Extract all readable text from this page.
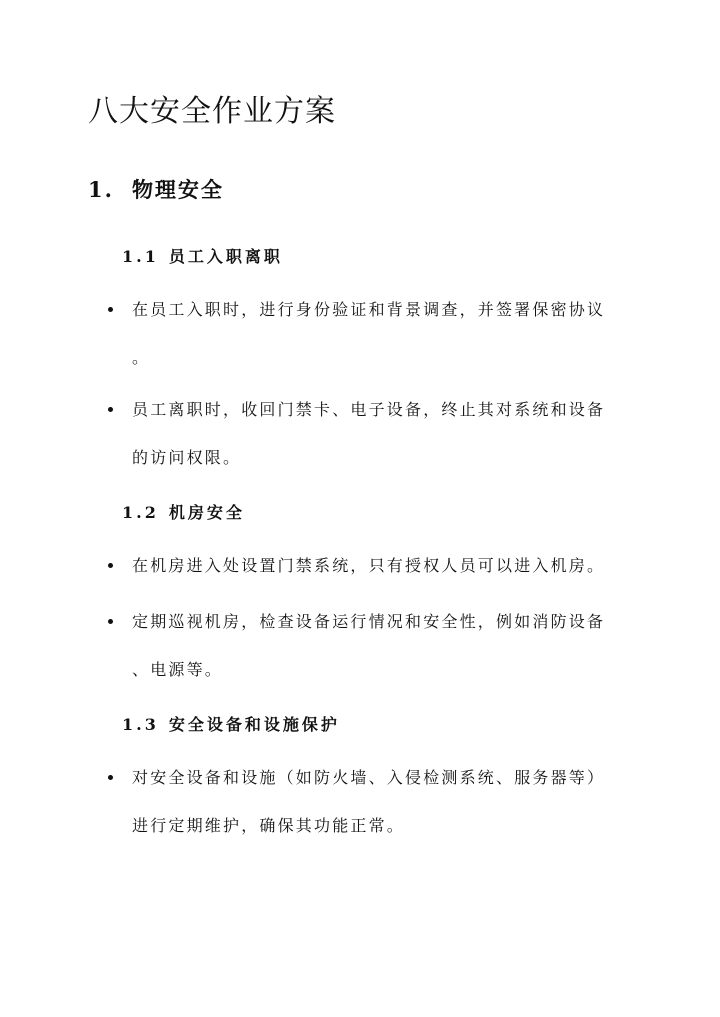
八大安全作业方案
1. 物理安全
1.1 员工入职离职
在员工入职时，进行身份验证和背景调查，并签署保密协议
。
员工离职时，收回门禁卡、电子设备，终止其对系统和设备
的访问权限。
1.2 机房安全
在机房进入处设置门禁系统，只有授权人员可以进入机房。
定期巡视机房，检查设备运行情况和安全性，例如消防设备
、电源等。
1.3 安全设备和设施保护
对安全设备和设施（如防火墙、入侵检测系统、服务器等）
进行定期维护，确保其功能正常。
